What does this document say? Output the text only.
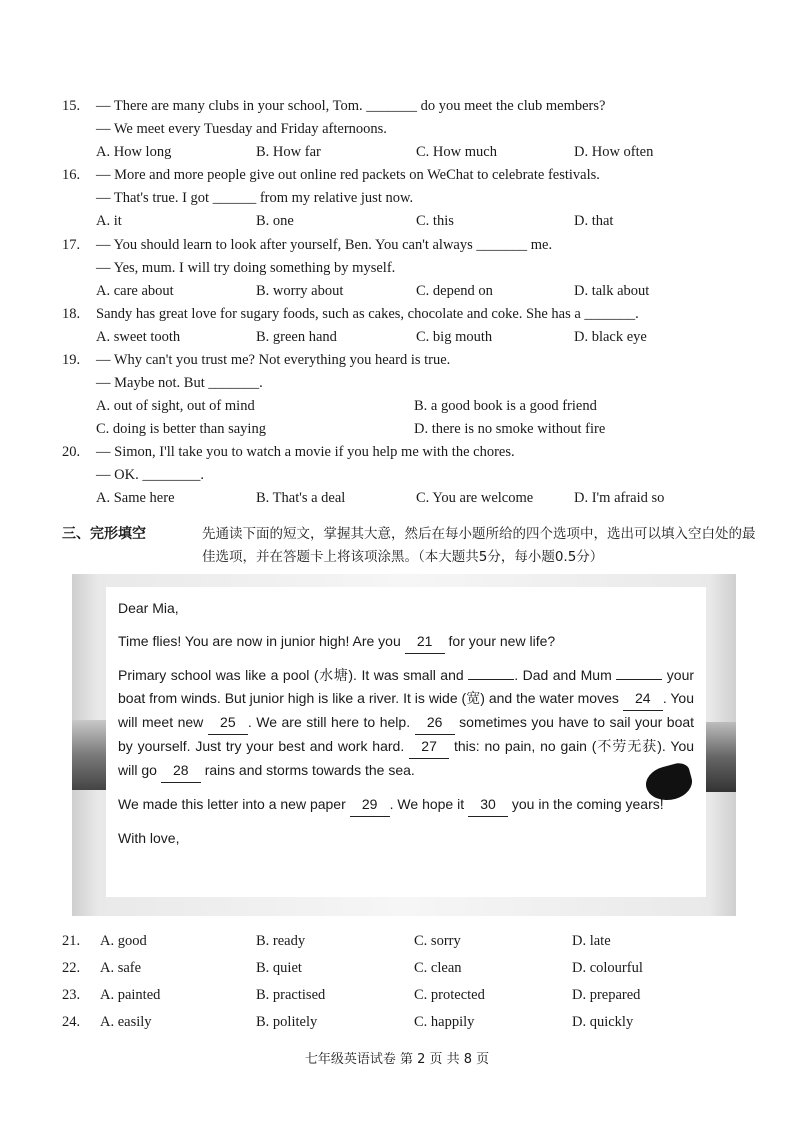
15. — There are many clubs in your school, Tom. _______ do you meet the club members?
— We meet every Tuesday and Friday afternoons.
A. How long	B. How far	C. How much	D. How often
16. — More and more people give out online red packets on WeChat to celebrate festivals.
— That's true. I got ______ from my relative just now.
A. it	B. one	C. this	D. that
17. — You should learn to look after yourself, Ben. You can't always _______ me.
— Yes, mum. I will try doing something by myself.
A. care about	B. worry about	C. depend on	D. talk about
18. Sandy has great love for sugary foods, such as cakes, chocolate and coke. She has a _______.
A. sweet tooth	B. green hand	C. big mouth	D. black eye
19. — Why can't you trust me? Not everything you heard is true.
— Maybe not. But _______.
A. out of sight, out of mind	B. a good book is a good friend
C. doing is better than saying	D. there is no smoke without fire
20. — Simon, I'll take you to watch a movie if you help me with the chores.
— OK. ________.
A. Same here	B. That's a deal	C. You are welcome	D. I'm afraid so
三、完形填空	先通读下面的短文，掌握其大意，然后在每小题所给的四个选项中，选出可以填入空白处的最佳选项，并在答题卡上将该项涂黑。（本大题共5分，每小题0.5分）

Dear Mia,

Time flies! You are now in junior high! Are you 21 for your new life?

Primary school was like a pool (水塘). It was small and	. Dad and Mum	your boat from winds. But junior high is like a river. It is wide (宽) and the water moves 24 . You will meet new 25 . We are still here to help. 26 sometimes you have to sail your boat by yourself. Just try your best and work hard. 27 this: no pain, no gain (不劳无获). You will go 28 rains and storms towards the sea.

We made this letter into a new paper 29 . We hope it 30 you in the coming years!

With love,

21. A. good	B. ready	C. sorry	D. late
22. A. safe	B. quiet	C. clean	D. colourful
23. A. painted	B. practised	C. protected	D. prepared
24. A. easily	B. politely	C. happily	D. quickly
七年级英语试卷 第 2 页 共 8 页
